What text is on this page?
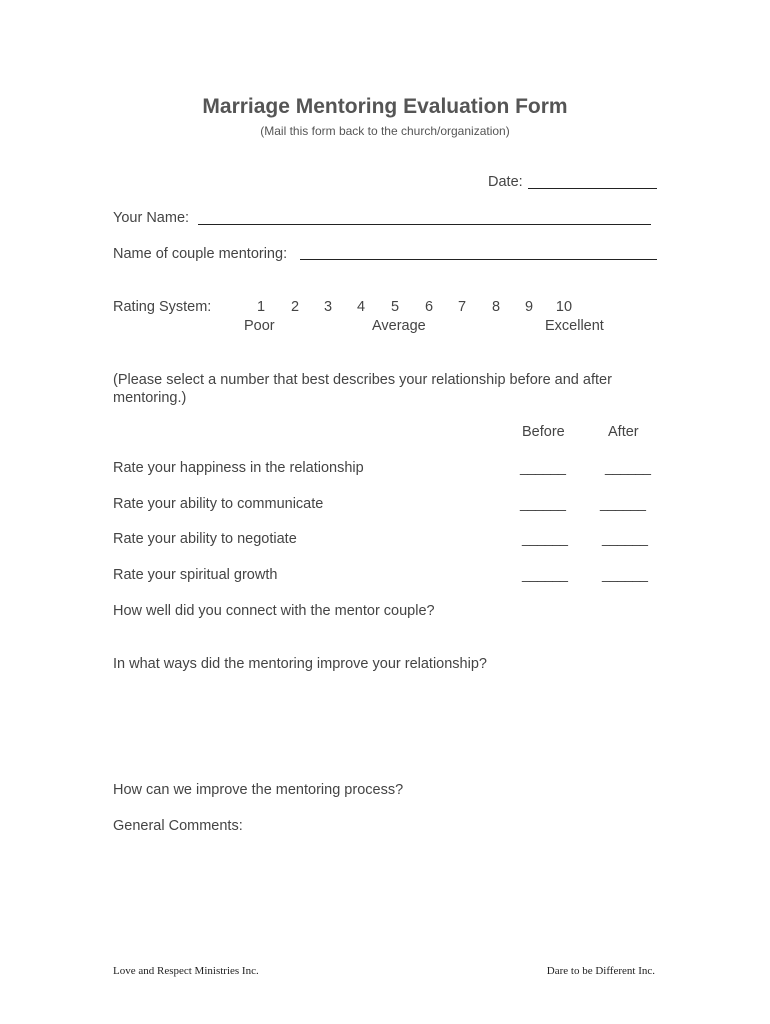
Marriage Mentoring Evaluation Form
(Mail this form back to the church/organization)
Date:
Your Name:
Name of couple mentoring:
Rating System:	1	2	3	4	5	6	7	8	9	10
Poor	Average	Excellent
(Please select a number that best describes your relationship before and after mentoring.)
Before	After
Rate your happiness in the relationship	______	______
Rate your ability to communicate	______ ______
Rate your ability to negotiate	______ ______
Rate your spiritual growth	______ ______
How well did you connect with the mentor couple?
In what ways did the mentoring improve your relationship?
How can we improve the mentoring process?
General Comments:
Love and Respect Ministries Inc.	Dare to be Different Inc.
